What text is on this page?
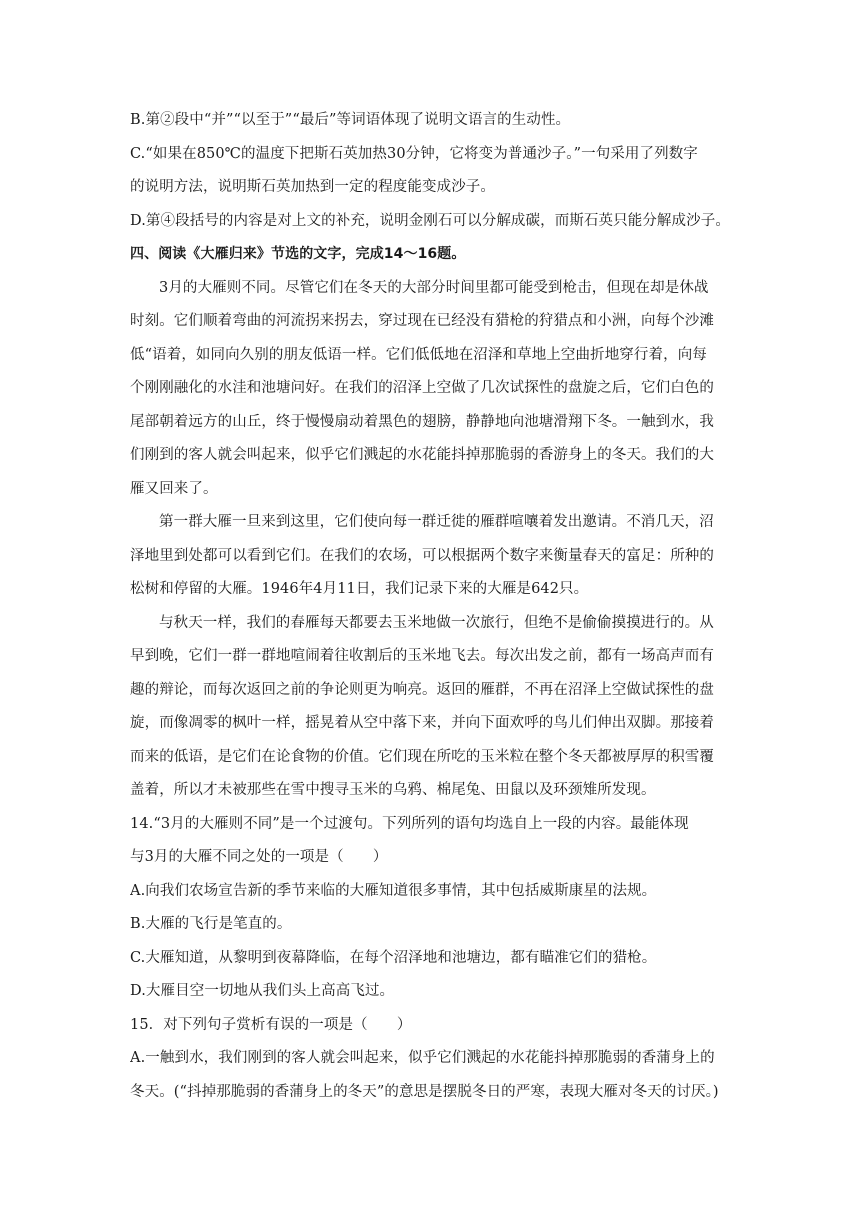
B.第②段中“并”“以至于”“最后”等词语体现了说明文语言的生动性。
C.“如果在850℃的温度下把斯石英加热30分钟，它将变为普通沙子。”一句采用了列数字
的说明方法，说明斯石英加热到一定的程度能变成沙子。
D.第④段括号的内容是对上文的补充，说明金刚石可以分解成碳，而斯石英只能分解成沙子。
四、阅读《大雁归来》节选的文字，完成14～16题。
3月的大雁则不同。尽管它们在冬天的大部分时间里都可能受到枪击，但现在却是休战
时刻。它们顺着弯曲的河流拐来拐去，穿过现在已经没有猎枪的狩猎点和小洲，向每个沙滩
低“语着，如同向久别的朋友低语一样。它们低低地在沼泽和草地上空曲折地穿行着，向每
个刚刚融化的水洼和池塘问好。在我们的沼泽上空做了几次试探性的盘旋之后，它们白色的
尾部朝着远方的山丘，终于慢慢扇动着黑色的翅膀，静静地向池塘滑翔下冬。一触到水，我
们刚到的客人就会叫起来，似乎它们溅起的水花能抖掉那脆弱的香游身上的冬天。我们的大
雁又回来了。
第一群大雁一旦来到这里，它们使向每一群迁徙的雁群喧嚷着发出邀请。不消几天，沼
泽地里到处都可以看到它们。在我们的农场，可以根据两个数字来衡量春天的富足：所种的
松树和停留的大雁。1946年4月11日，我们记录下来的大雁是642只。
与秋天一样，我们的春雁每天都要去玉米地做一次旅行，但绝不是偷偷摸摸进行的。从
早到晚，它们一群一群地喧闹着往收割后的玉米地飞去。每次出发之前，都有一场高声而有
趣的辩论，而每次返回之前的争论则更为响亮。返回的雁群，不再在沼泽上空做试探性的盘
旋，而像凋零的枫叶一样，摇晃着从空中落下来，并向下面欢呼的鸟儿们伸出双脚。那接着
而来的低语，是它们在论食物的价值。它们现在所吃的玉米粒在整个冬天都被厚厚的积雪覆
盖着，所以才未被那些在雪中搜寻玉米的乌鸦、棉尾兔、田鼠以及环颈雉所发现。
14.“3月的大雁则不同”是一个过渡句。下列所列的语句均选自上一段的内容。最能体现
与3月的大雁不同之处的一项是（　　）
A.向我们农场宣告新的季节来临的大雁知道很多事情，其中包括威斯康星的法规。
B.大雁的飞行是笔直的。
C.大雁知道，从黎明到夜幕降临，在每个沼泽地和池塘边，都有瞄准它们的猎枪。
D.大雁目空一切地从我们头上高高飞过。
15．对下列句子赏析有误的一项是（　　）
A.一触到水，我们刚到的客人就会叫起来，似乎它们溅起的水花能抖掉那脆弱的香蒲身上的
冬天。(“抖掉那脆弱的香蒲身上的冬天”的意思是摆脱冬日的严寒，表现大雁对冬天的讨厌。)
